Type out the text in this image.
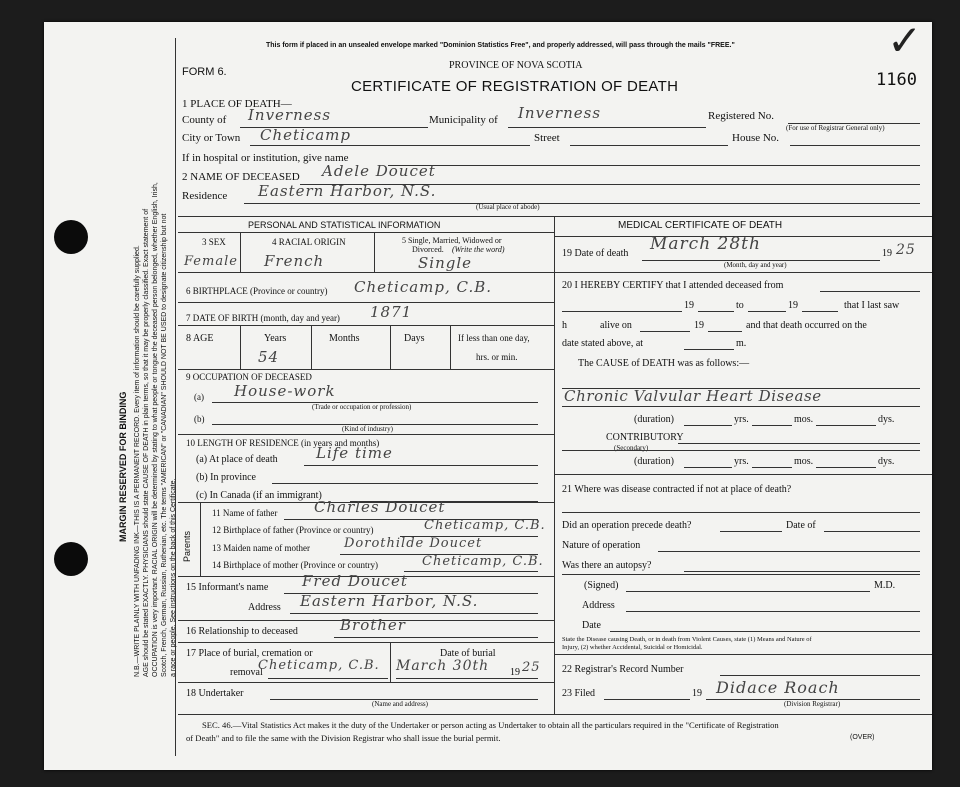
MARGIN RESERVED FOR BINDING N.B.—WRITE PLAINLY WITH UNFADING INK—THIS IS A PERMANENT RECORD. Every item of information should be carefully supplied. AGE should be stated EXACTLY. PHYSICIANS should state CAUSE OF DEATH in plain terms, so that it may be properly classified. Exact statement of OCCUPATION is very important. RACIAL ORIGIN will be determined by stating to what people or tongue the deceased person belonged, whether English, Irish, Scotch, French, German, Russian, Ruthenian, etc. The terms "AMERICAN" or "CANADIAN" SHOULD NOT BE USED to designate citizenship but not a race or people. See instructions on the back of this Certificate.
This form if placed in an unsealed envelope marked "Dominion Statistics Free", and properly addressed, will pass through the mails "FREE."
PROVINCE OF NOVA SCOTIA
FORM 6.
CERTIFICATE OF REGISTRATION OF DEATH	1160
✓
1 PLACE OF DEATH—
County of Inverness	Municipality of Inverness	Registered No.
(For use of Registrar General only)
City or Town Cheticamp	Street	House No.
If in hospital or institution, give name
2 NAME OF DECEASED Adele Doucet
Residence Eastern Harbor, N.S.
(Usual place of abode)
PERSONAL AND STATISTICAL INFORMATION
3 SEX	4 RACIAL ORIGIN	5 Single, Married, Widowed or
Divorced. (Write the word)
Female French	Single
6 BIRTHPLACE (Province or country) Cheticamp, C.B.
7 DATE OF BIRTH (month, day and year) 1871
8 AGE	Years	Months	Days	If less than one day,
hrs. or min.
54
9 OCCUPATION OF DECEASED
(a) House-work
(Trade or occupation or profession)
(b)
(Kind of industry)
10 LENGTH OF RESIDENCE (in years and months)
(a) At place of death	Life time
(b) In province
(c) In Canada (if an immigrant)
Parents
11 Name of father Charles Doucet
12 Birthplace of father (Province or country)	Cheticamp, C.B.
13 Maiden name of mother	Dorothilde Doucet
14 Birthplace of mother (Province or country)	Cheticamp, C.B.
15 Informant's name Fred Doucet
Address Eastern Harbor, N.S.
16 Relationship to deceased	Brother
17 Place of burial, cremation or
removal
Cheticamp, C.B.
Date of burial
March 30th 19 25
18 Undertaker
(Name and address)
MEDICAL CERTIFICATE OF DEATH
19 Date of death March 28th
(Month, day and year)
19 25
20 I HEREBY CERTIFY that I attended deceased from
19	to	19	that I last saw
h	alive on	19	and that death occurred on the
date stated above, at	m.
The CAUSE of DEATH was as follows:—
Chronic Valvular Heart Disease
(duration)	yrs.	mos.	dys.
CONTRIBUTORY
(Secondary)
(duration)	yrs.	mos.	dys.
21 Where was disease contracted if not at place of death?
Did an operation precede death?	Date of
Nature of operation
Was there an autopsy?
(Signed)	M.D.
Address
Date
State the Disease causing Death, or in death from Violent Causes, state (1) Means and Nature of
Injury, (2) whether Accidental, Suicidal or Homicidal.
22 Registrar's Record Number
23 Filed	19 Didace Roach
(Division Registrar)
SEC. 46.—Vital Statistics Act makes it the duty of the Undertaker or person acting as Undertaker to obtain all the particulars required in the "Certificate of Registration
of Death" and to file the same with the Division Registrar who shall issue the burial permit.	(OVER)
